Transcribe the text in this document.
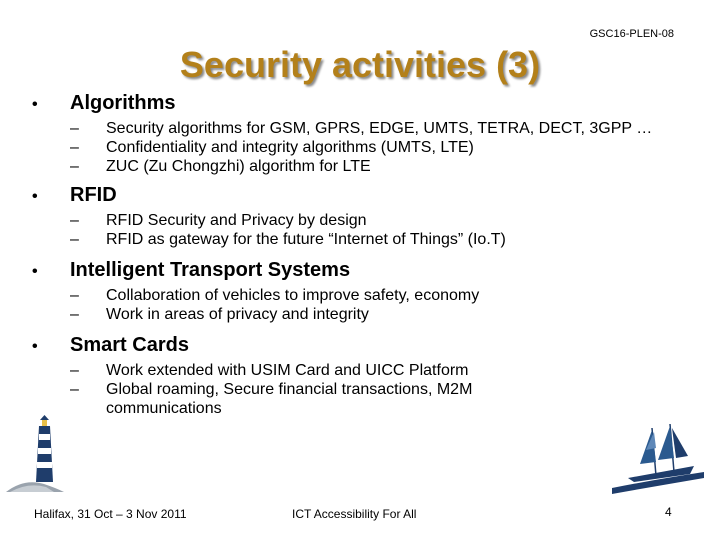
GSC16-PLEN-08
Security activities (3)
•	Algorithms
–	Security algorithms for GSM, GPRS, EDGE, UMTS, TETRA, DECT, 3GPP …
–	Confidentiality and integrity algorithms (UMTS, LTE)
–	ZUC (Zu Chongzhi) algorithm for LTE
•	RFID
–	RFID Security and Privacy by design
–	RFID as gateway for the future “Internet of Things” (Io.T)
•	Intelligent Transport Systems
–	Collaboration of vehicles to improve safety, economy
–	Work in areas of privacy and integrity
•	Smart Cards
–	Work extended with USIM Card and UICC Platform
–	Global roaming, Secure financial transactions, M2M communications
Halifax, 31 Oct – 3 Nov 2011	ICT Accessibility For All	4
